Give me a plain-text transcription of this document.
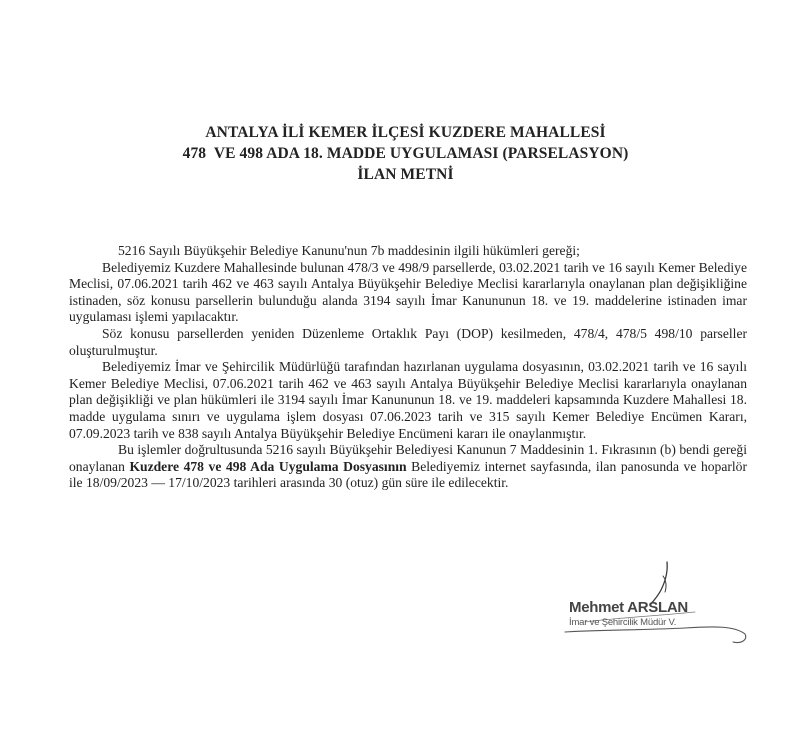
ANTALYA İLİ KEMER İLÇESİ KUZDERE MAHALLESİ
478  VE 498 ADA 18. MADDE UYGULAMASI (PARSELASYON)
İLAN METNİ

5216 Sayılı Büyükşehir Belediye Kanunu'nun 7b maddesinin ilgili hükümleri gereği;

Belediyemiz Kuzdere Mahallesinde bulunan 478/3 ve 498/9 parsellerde, 03.02.2021 tarih ve 16 sayılı Kemer Belediye Meclisi, 07.06.2021 tarih 462 ve 463 sayılı Antalya Büyükşehir Belediye Meclisi kararlarıyla onaylanan plan değişikliğine istinaden, söz konusu parsellerin bulunduğu alanda 3194 sayılı İmar Kanununun 18. ve 19. maddelerine istinaden imar uygulaması işlemi yapılacaktır.

Söz konusu parsellerden yeniden Düzenleme Ortaklık Payı (DOP) kesilmeden, 478/4, 478/5 498/10 parseller oluşturulmuştur.

Belediyemiz İmar ve Şehircilik Müdürlüğü tarafından hazırlanan uygulama dosyasının, 03.02.2021 tarih ve 16 sayılı Kemer Belediye Meclisi, 07.06.2021 tarih 462 ve 463 sayılı Antalya Büyükşehir Belediye Meclisi kararlarıyla onaylanan plan değişikliği ve plan hükümleri ile 3194 sayılı İmar Kanununun 18. ve 19. maddeleri kapsamında Kuzdere Mahallesi 18. madde uygulama sınırı ve uygulama işlem dosyası 07.06.2023 tarih ve 315 sayılı Kemer Belediye Encümen Kararı, 07.09.2023 tarih ve 838 sayılı Antalya Büyükşehir Belediye Encümeni kararı ile onaylanmıştır.

Bu işlemler doğrultusunda 5216 sayılı Büyükşehir Belediyesi Kanunun 7 Maddesinin 1. Fıkrasının (b) bendi gereği onaylanan Kuzdere 478 ve 498 Ada Uygulama Dosyasının Belediyemiz internet sayfasında, ilan panosunda ve hoparlör ile 18/09/2023 — 17/10/2023 tarihleri arasında 30 (otuz) gün süre ile edilecektir.

Mehmet ARSLAN
İmar ve Şehircilik Müdür V.
